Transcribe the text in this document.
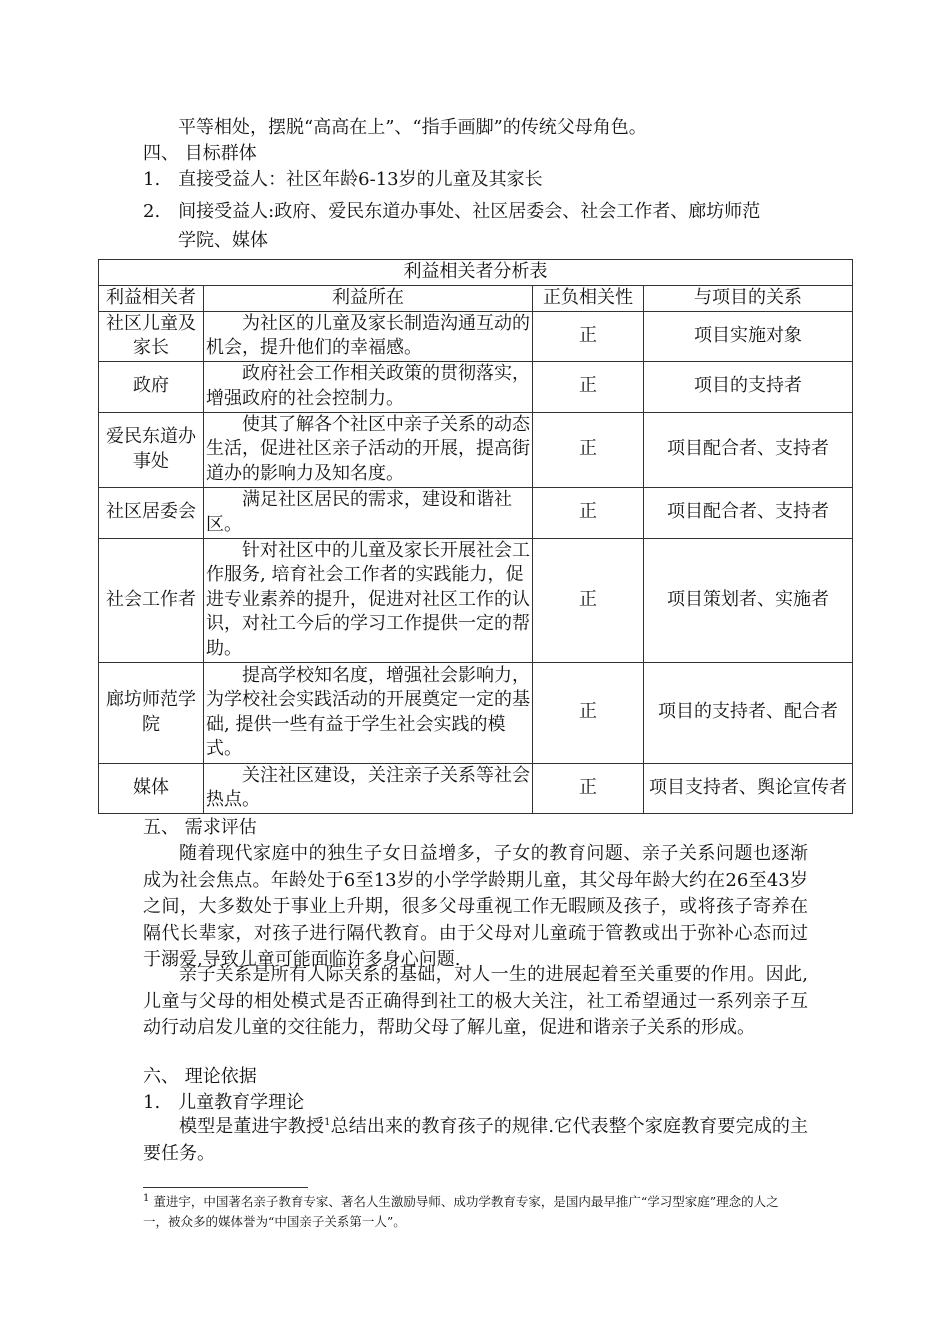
平等相处，摆脱“高高在上”、“指手画脚”的传统父母角色。
四、 目标群体
1.　直接受益人：社区年龄6-13岁的儿童及其家长
2.　间接受益人:政府、爱民东道办事处、社区居委会、社会工作者、廊坊师范
学院、媒体
利益相关者分析表			
利益相关者	利益所在	正负相关性	与项目的关系
社区儿童及家长	为社区的儿童及家长制造沟通互动的机会，提升他们的幸福感。	正	项目实施对象
政府	政府社会工作相关政策的贯彻落实，增强政府的社会控制力。	正	项目的支持者
爱民东道办事处	使其了解各个社区中亲子关系的动态生活，促进社区亲子活动的开展，提高街道办的影响力及知名度。	正	项目配合者、支持者
社区居委会	满足社区居民的需求，建设和谐社区。	正	项目配合者、支持者
社会工作者	针对社区中的儿童及家长开展社会工作服务, 培育社会工作者的实践能力，促进专业素养的提升，促进对社区工作的认识，对社工今后的学习工作提供一定的帮助。	正	项目策划者、实施者
廊坊师范学院	提高学校知名度，增强社会影响力，为学校社会实践活动的开展奠定一定的基础, 提供一些有益于学生社会实践的模式。	正	项目的支持者、配合者
媒体	关注社区建设，关注亲子关系等社会热点。	正	项目支持者、舆论宣传者
五、 需求评估
随着现代家庭中的独生子女日益增多，子女的教育问题、亲子关系问题也逐渐成为社会焦点。年龄处于6至13岁的小学学龄期儿童，其父母年龄大约在26至43岁之间，大多数处于事业上升期，很多父母重视工作无暇顾及孩子，或将孩子寄养在隔代长辈家，对孩子进行隔代教育。由于父母对儿童疏于管教或出于弥补心态而过于溺爱,导致儿童可能面临许多身心问题.
亲子关系是所有人际关系的基础，对人一生的进展起着至关重要的作用。因此,儿童与父母的相处模式是否正确得到社工的极大关注，社工希望通过一系列亲子互动行动启发儿童的交往能力，帮助父母了解儿童，促进和谐亲子关系的形成。
六、 理论依据
1.　儿童教育学理论
模型是董进宇教授$^1$总结出来的教育孩子的规律.它代表整个家庭教育要完成的主要任务。
$^1$ 董进宇，中国著名亲子教育专家、著名人生激励导师、成功学教育专家，是国内最早推广“学习型家庭”理念的人之一，被众多的媒体誉为“中国亲子关系第一人”。
